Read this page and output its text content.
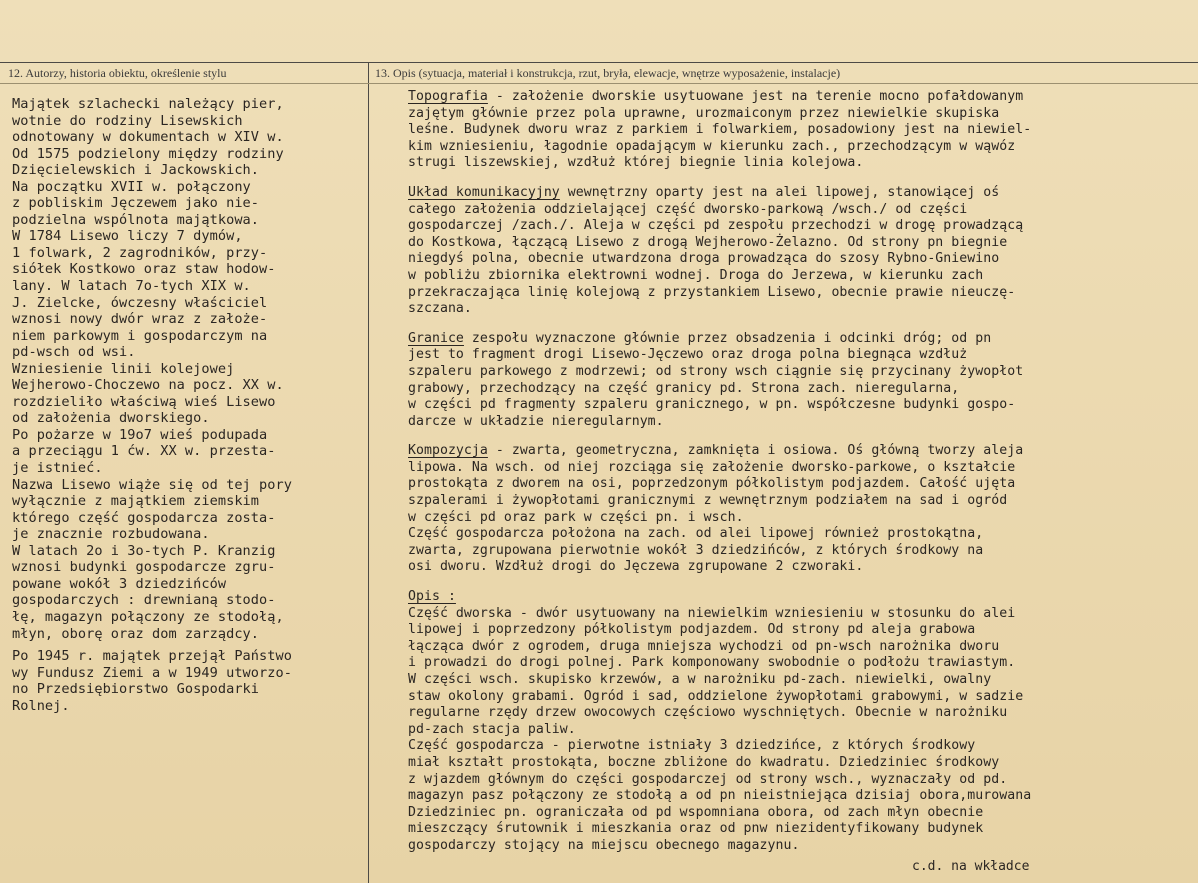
12. Autorzy, historia obiektu, określenie stylu	13. Opis (sytuacja, materiał i konstrukcja, rzut, bryła, elewacje, wnętrze wyposażenie, instalacje)
Majątek szlachecki należący pier,
wotnie do rodziny Lisewskich
odnotowany w dokumentach w XIV w.
Od 1575 podzielony między rodziny
Dzięcielewskich i Jackowskich.
Na początku XVII w. połączony
z pobliskim Jęczewem jako nie-
podzielna wspólnota majątkowa.
W 1784 Lisewo liczy 7 dymów,
1 folwark, 2 zagrodników, przy-
siółek Kostkowo oraz staw hodow-
lany. W latach 7o-tych XIX w.
J. Zielcke, ówczesny właściciel
wznosi nowy dwór wraz z założe-
niem parkowym i gospodarczym na
pd-wsch od wsi.
Wzniesienie linii kolejowej
Wejherowo-Choczewo na pocz. XX w.
rozdzieliło właściwą wieś Lisewo
od założenia dworskiego.
Po pożarze w 19o7 wieś podupada
a przeciągu 1 ćw. XX w. przesta-
je istnieć.
Nazwa Lisewo wiąże się od tej pory
wyłącznie z majątkiem ziemskim
którego część gospodarcza zosta-
je znacznie rozbudowana.
W latach 2o i 3o-tych P. Kranzig
wznosi budynki gospodarcze zgru-
powane wokół 3 dziedzińców
gospodarczych : drewnianą stodo-
łę, magazyn połączony ze stodołą,
młyn, oborę oraz dom zarządcy.
Po 1945 r. majątek przejął Państwo
wy Fundusz Ziemi a w 1949 utworzo-
no Przedsiębiorstwo Gospodarki
Rolnej.
Topografia - założenie dworskie usytuowane jest na terenie mocno pofałdowanym
zajętym głównie przez pola uprawne, urozmaiconym przez niewielkie skupiska
leśne. Budynek dworu wraz z parkiem i folwarkiem, posadowiony jest na niewiel-
kim wzniesieniu, łagodnie opadającym w kierunku zach., przechodzącym w wąwóz
strugi liszewskiej, wzdłuż której biegnie linia kolejowa.
Układ komunikacyjny wewnętrzny oparty jest na alei lipowej, stanowiącej oś
całego założenia oddzielającej część dworsko-parkową /wsch./ od części
gospodarczej /zach./. Aleja w części pd zespołu przechodzi w drogę prowadzącą
do Kostkowa, łączącą Lisewo z drogą Wejherowo-Żelazno. Od strony pn biegnie
niegdyś polna, obecnie utwardzona droga prowadząca do szosy Rybno-Gniewino
w pobliżu zbiornika elektrowni wodnej. Droga do Jerzewa, w kierunku zach
przekraczająca linię kolejową z przystankiem Lisewo, obecnie prawie nieuczę-
szczana.
Granice zespołu wyznaczone głównie przez obsadzenia i odcinki dróg; od pn
jest to fragment drogi Lisewo-Jęczewo oraz droga polna biegnąca wzdłuż
szpaleru parkowego z modrzewi; od strony wsch ciągnie się przycinany żywopłot
grabowy, przechodzący na część granicy pd. Strona zach. nieregularna,
w części pd fragmenty szpaleru granicznego, w pn. współczesne budynki gospo-
darcze w układzie nieregularnym.
Kompozycja - zwarta, geometryczna, zamknięta i osiowa. Oś główną tworzy aleja
lipowa. Na wsch. od niej rozciąga się założenie dworsko-parkowe, o kształcie
prostokąta z dworem na osi, poprzedzonym półkolistym podjazdem. Całość ujęta
szpalerami i żywopłotami granicznymi z wewnętrznym podziałem na sad i ogród
w części pd oraz park w części pn. i wsch.
Część gospodarcza położona na zach. od alei lipowej również prostokątna,
zwarta, zgrupowana pierwotnie wokół 3 dziedzińców, z których środkowy na
osi dworu. Wzdłuż drogi do Jęczewa zgrupowane 2 czworaki.
Opis :
Część dworska - dwór usytuowany na niewielkim wzniesieniu w stosunku do alei
lipowej i poprzedzony półkolistym podjazdem. Od strony pd aleja grabowa
łącząca dwór z ogrodem, druga mniejsza wychodzi od pn-wsch narożnika dworu
i prowadzi do drogi polnej. Park komponowany swobodnie o podłożu trawiastym.
W części wsch. skupisko krzewów, a w narożniku pd-zach. niewielki, owalny
staw okolony grabami. Ogród i sad, oddzielone żywopłotami grabowymi, w sadzie
regularne rzędy drzew owocowych częściowo wyschniętych. Obecnie w narożniku
pd-zach stacja paliw.
Część gospodarcza - pierwotne istniały 3 dziedzińce, z których środkowy
miał kształt prostokąta, boczne zbliżone do kwadratu. Dziedziniec środkowy
z wjazdem głównym do części gospodarczej od strony wsch., wyznaczały od pd.
magazyn pasz połączony ze stodołą a od pn nieistniejąca dzisiaj obora,murowana
Dziedziniec pn. ograniczała od pd wspomniana obora, od zach młyn obecnie
mieszczący śrutownik i mieszkania oraz od pnw niezidentyfikowany budynek
gospodarczy stojący na miejscu obecnego magazynu.
c.d. na wkładce
